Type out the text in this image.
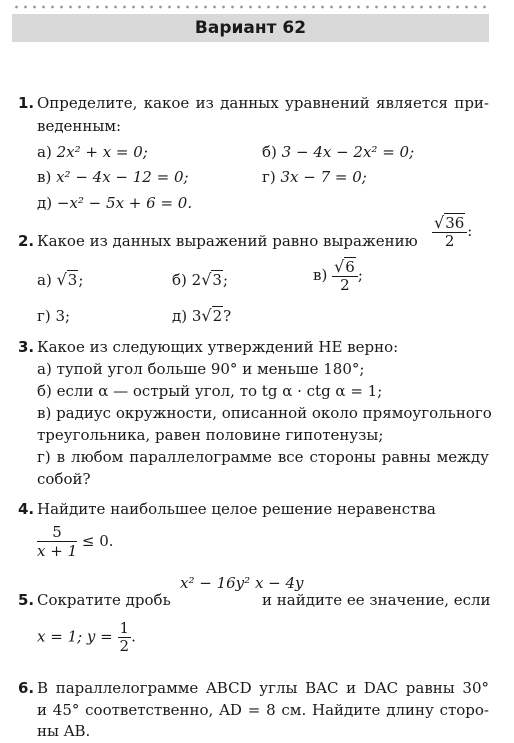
Вариант 62
1. Определите, какое из данных уравнений является при-
веденным:
а) 2x² + x = 0;	б) 3 − 4x − 2x² = 0;
в) x² − 4x − 12 = 0;	г) 3x − 7 = 0;
д) −x² − 5x + 6 = 0.
2. Какое из данных выражений равно выражению $\frac{√36}{2}$ :
а) √3;	б) 2√3;	$в) \frac{√6}{2}$ ;
г) 3;	д) 3√2?
3. Какое из следующих утверждений НЕ верно:
а) тупой угол больше 90° и меньше 180°;
б) если α — острый угол, то tg α · ctg α = 1;
в) радиус окружности, описанной около прямоугольного
треугольника, равен половине гипотенузы;
г) в любом параллелограмме все стороны равны между
собой?
4. Найдите наибольшее целое решение неравенства
$\frac{5}{x + 1} \le 0$.
5. Сократите дробь
x² − 16y² x − 4y
и найдите ее значение, если
x = 1; $y = \frac{1}{2}$ .
6. В параллелограмме ABCD углы BAC и DAC равны 30°
и 45° соответственно, AD = 8 см. Найдите длину сторо-
ны AB.
